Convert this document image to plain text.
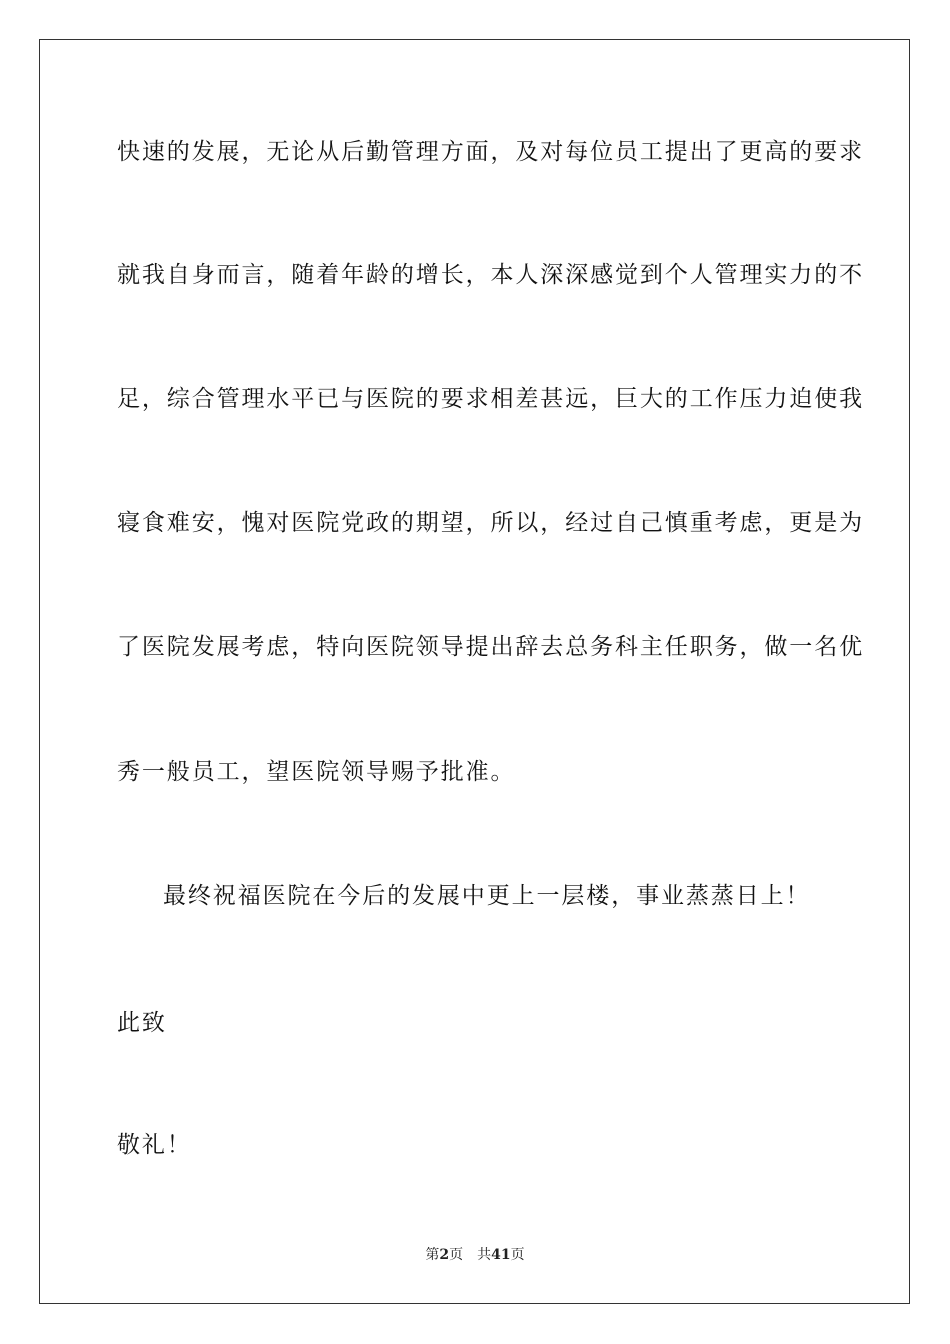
快速的发展，无论从后勤管理方面，及对每位员工提出了更高的要求
就我自身而言，随着年龄的增长，本人深深感觉到个人管理实力的不
足，综合管理水平已与医院的要求相差甚远，巨大的工作压力迫使我
寝食难安，愧对医院党政的期望，所以，经过自己慎重考虑，更是为
了医院发展考虑，特向医院领导提出辞去总务科主任职务，做一名优
秀一般员工，望医院领导赐予批准。
最终祝福医院在今后的发展中更上一层楼，事业蒸蒸日上！
此致
敬礼！
第2页 共41页
